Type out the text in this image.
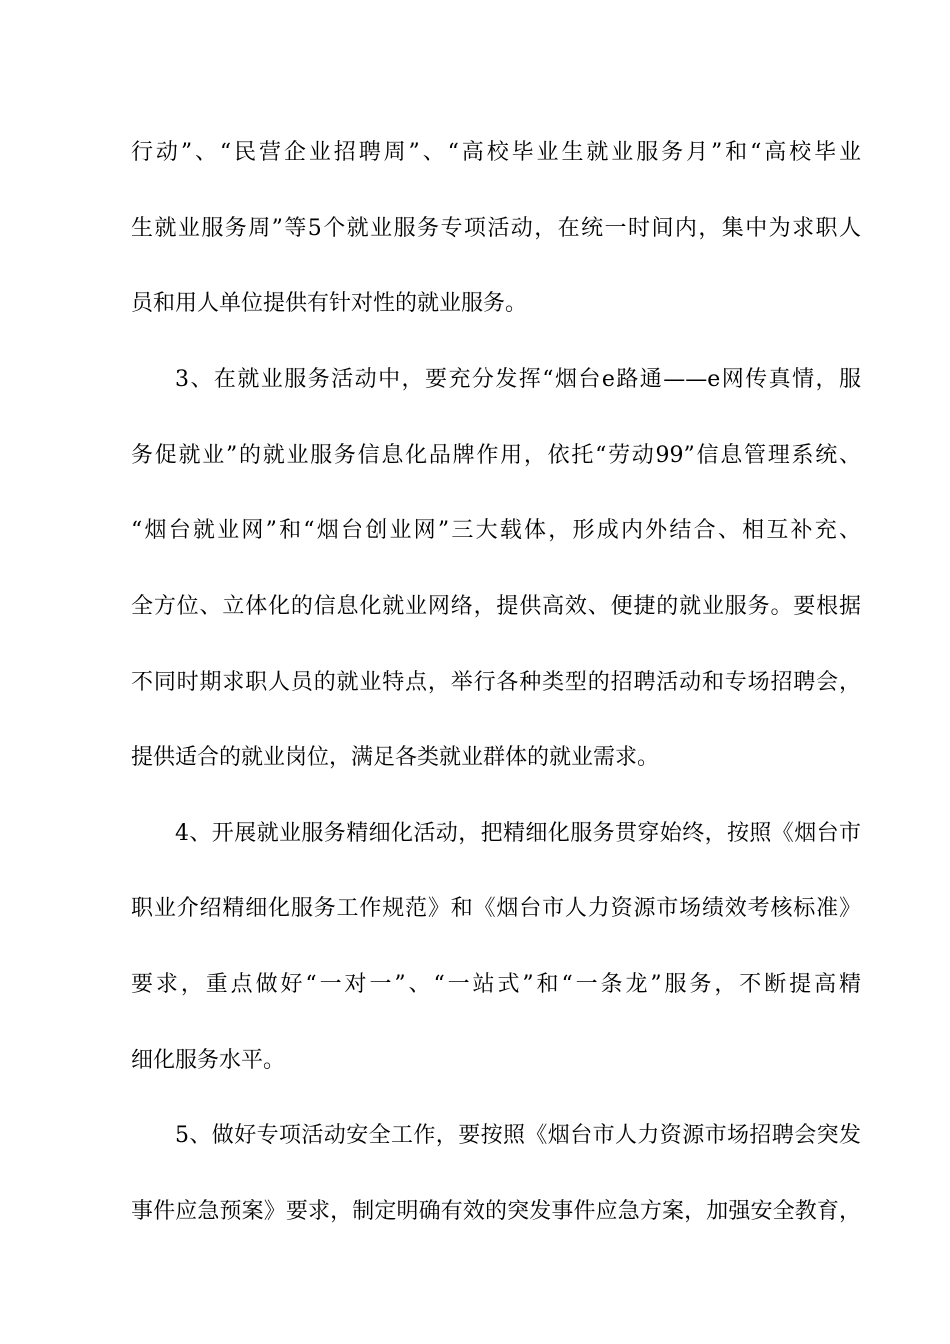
行动”、“民营企业招聘周”、“高校毕业生就业服务月”和“高校毕业
生就业服务周”等5个就业服务专项活动，在统一时间内，集中为求职人
员和用人单位提供有针对性的就业服务。
3、在就业服务活动中，要充分发挥“烟台e路通——e网传真情，服
务促就业”的就业服务信息化品牌作用，依托“劳动99”信息管理系统、
“烟台就业网”和“烟台创业网”三大载体，形成内外结合、相互补充、
全方位、立体化的信息化就业网络，提供高效、便捷的就业服务。要根据
不同时期求职人员的就业特点，举行各种类型的招聘活动和专场招聘会，
提供适合的就业岗位，满足各类就业群体的就业需求。
4、开展就业服务精细化活动，把精细化服务贯穿始终，按照《烟台市
职业介绍精细化服务工作规范》和《烟台市人力资源市场绩效考核标准》
要求，重点做好“一对一”、“一站式”和“一条龙”服务，不断提高精
细化服务水平。
5、做好专项活动安全工作，要按照《烟台市人力资源市场招聘会突发
事件应急预案》要求，制定明确有效的突发事件应急方案，加强安全教育，
